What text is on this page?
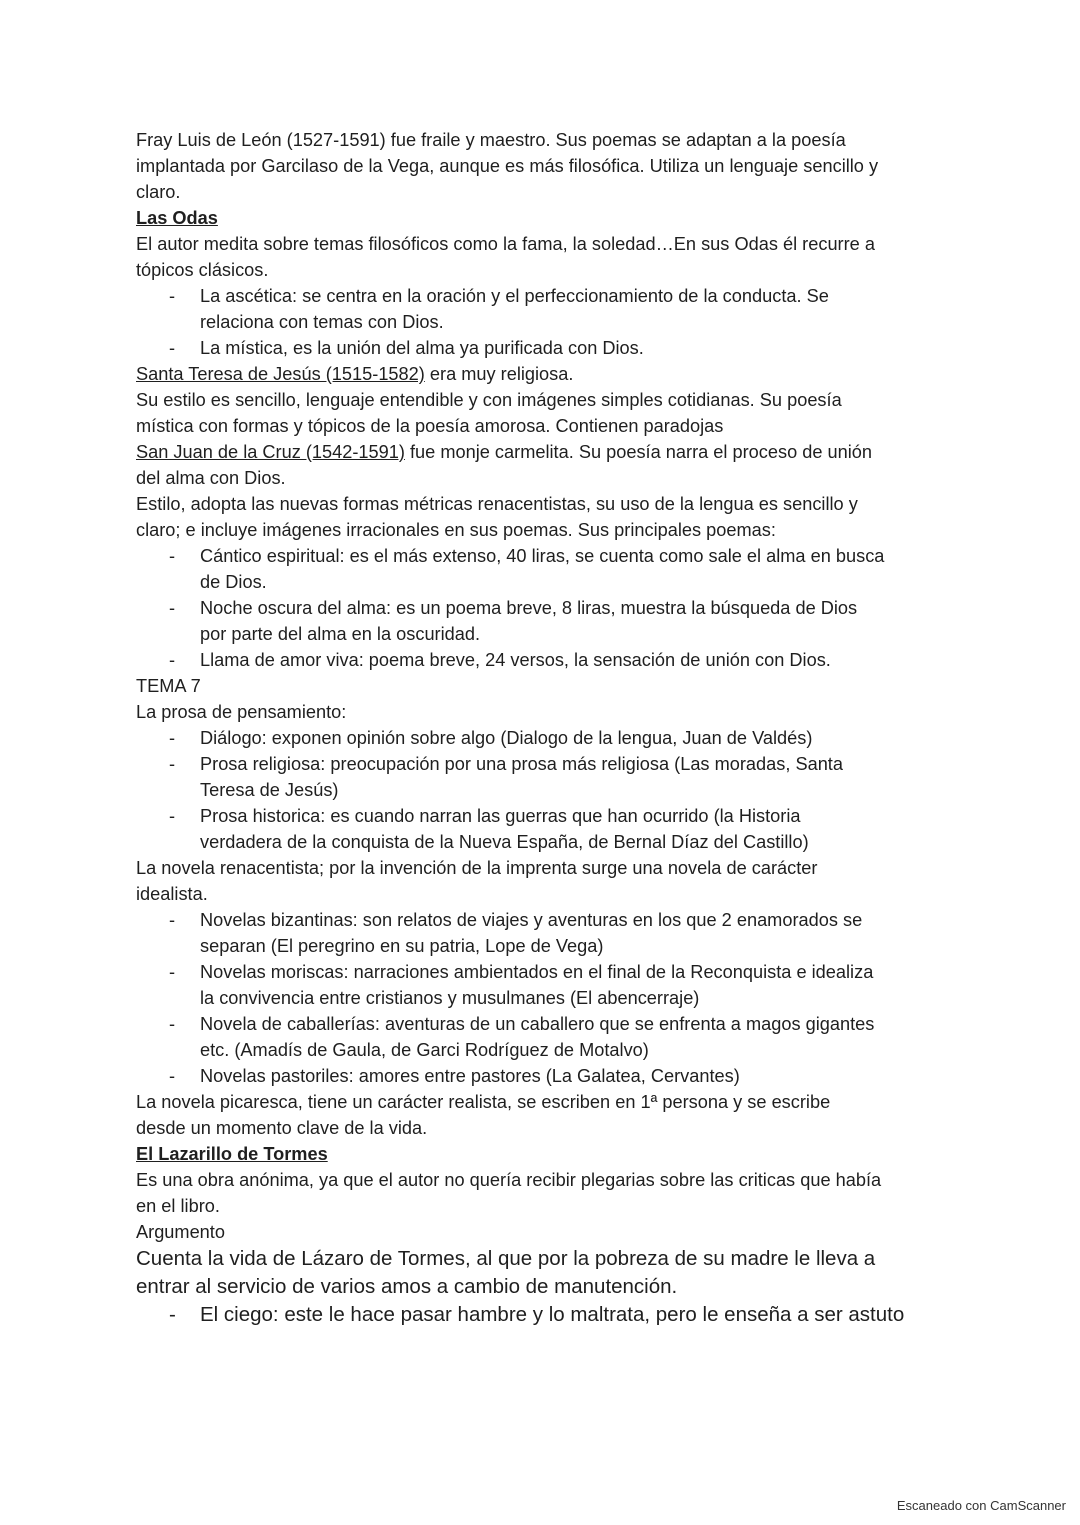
Fray Luis de León (1527-1591) fue fraile y maestro. Sus poemas se adaptan a la poesía
implantada por Garcilaso de la Vega, aunque es más filosófica. Utiliza un lenguaje sencillo y
claro.
Las Odas
El autor medita sobre temas filosóficos como la fama, la soledad…En sus Odas él recurre a
tópicos clásicos.
- La ascética: se centra en la oración y el perfeccionamiento de la conducta. Se
relaciona con temas con Dios.
- La mística, es la unión del alma ya purificada con Dios.
Santa Teresa de Jesús (1515-1582) era muy religiosa.
Su estilo es sencillo, lenguaje entendible y con imágenes simples cotidianas. Su poesía
mística con formas y tópicos de la poesía amorosa. Contienen paradojas
San Juan de la Cruz (1542-1591) fue monje carmelita. Su poesía narra el proceso de unión
del alma con Dios.
Estilo, adopta las nuevas formas métricas renacentistas, su uso de la lengua es sencillo y
claro; e incluye imágenes irracionales en sus poemas. Sus principales poemas:
- Cántico espiritual: es el más extenso, 40 liras, se cuenta como sale el alma en busca
de Dios.
- Noche oscura del alma: es un poema breve, 8 liras, muestra la búsqueda de Dios
por parte del alma en la oscuridad.
- Llama de amor viva: poema breve, 24 versos, la sensación de unión con Dios.
TEMA 7
La prosa de pensamiento:
- Diálogo: exponen opinión sobre algo (Dialogo de la lengua, Juan de Valdés)
- Prosa religiosa: preocupación por una prosa más religiosa (Las moradas, Santa
Teresa de Jesús)
- Prosa historica: es cuando narran las guerras que han ocurrido (la Historia
verdadera de la conquista de la Nueva España, de Bernal Díaz del Castillo)
La novela renacentista; por la invención de la imprenta surge una novela de carácter
idealista.
- Novelas bizantinas: son relatos de viajes y aventuras en los que 2 enamorados se
separan (El peregrino en su patria, Lope de Vega)
- Novelas moriscas: narraciones ambientados en el final de la Reconquista e idealiza
la convivencia entre cristianos y musulmanes (El abencerraje)
- Novela de caballerías: aventuras de un caballero que se enfrenta a magos gigantes
etc. (Amadís de Gaula, de Garci Rodríguez de Motalvo)
- Novelas pastoriles: amores entre pastores (La Galatea, Cervantes)
La novela picaresca, tiene un carácter realista, se escriben en 1ª persona y se escribe
desde un momento clave de la vida.
El Lazarillo de Tormes
Es una obra anónima, ya que el autor no quería recibir plegarias sobre las criticas que había
en el libro.
Argumento
Cuenta la vida de Lázaro de Tormes, al que por la pobreza de su madre le lleva a
entrar al servicio de varios amos a cambio de manutención.
- El ciego: este le hace pasar hambre y lo maltrata, pero le enseña a ser astuto
Escaneado con CamScanner
